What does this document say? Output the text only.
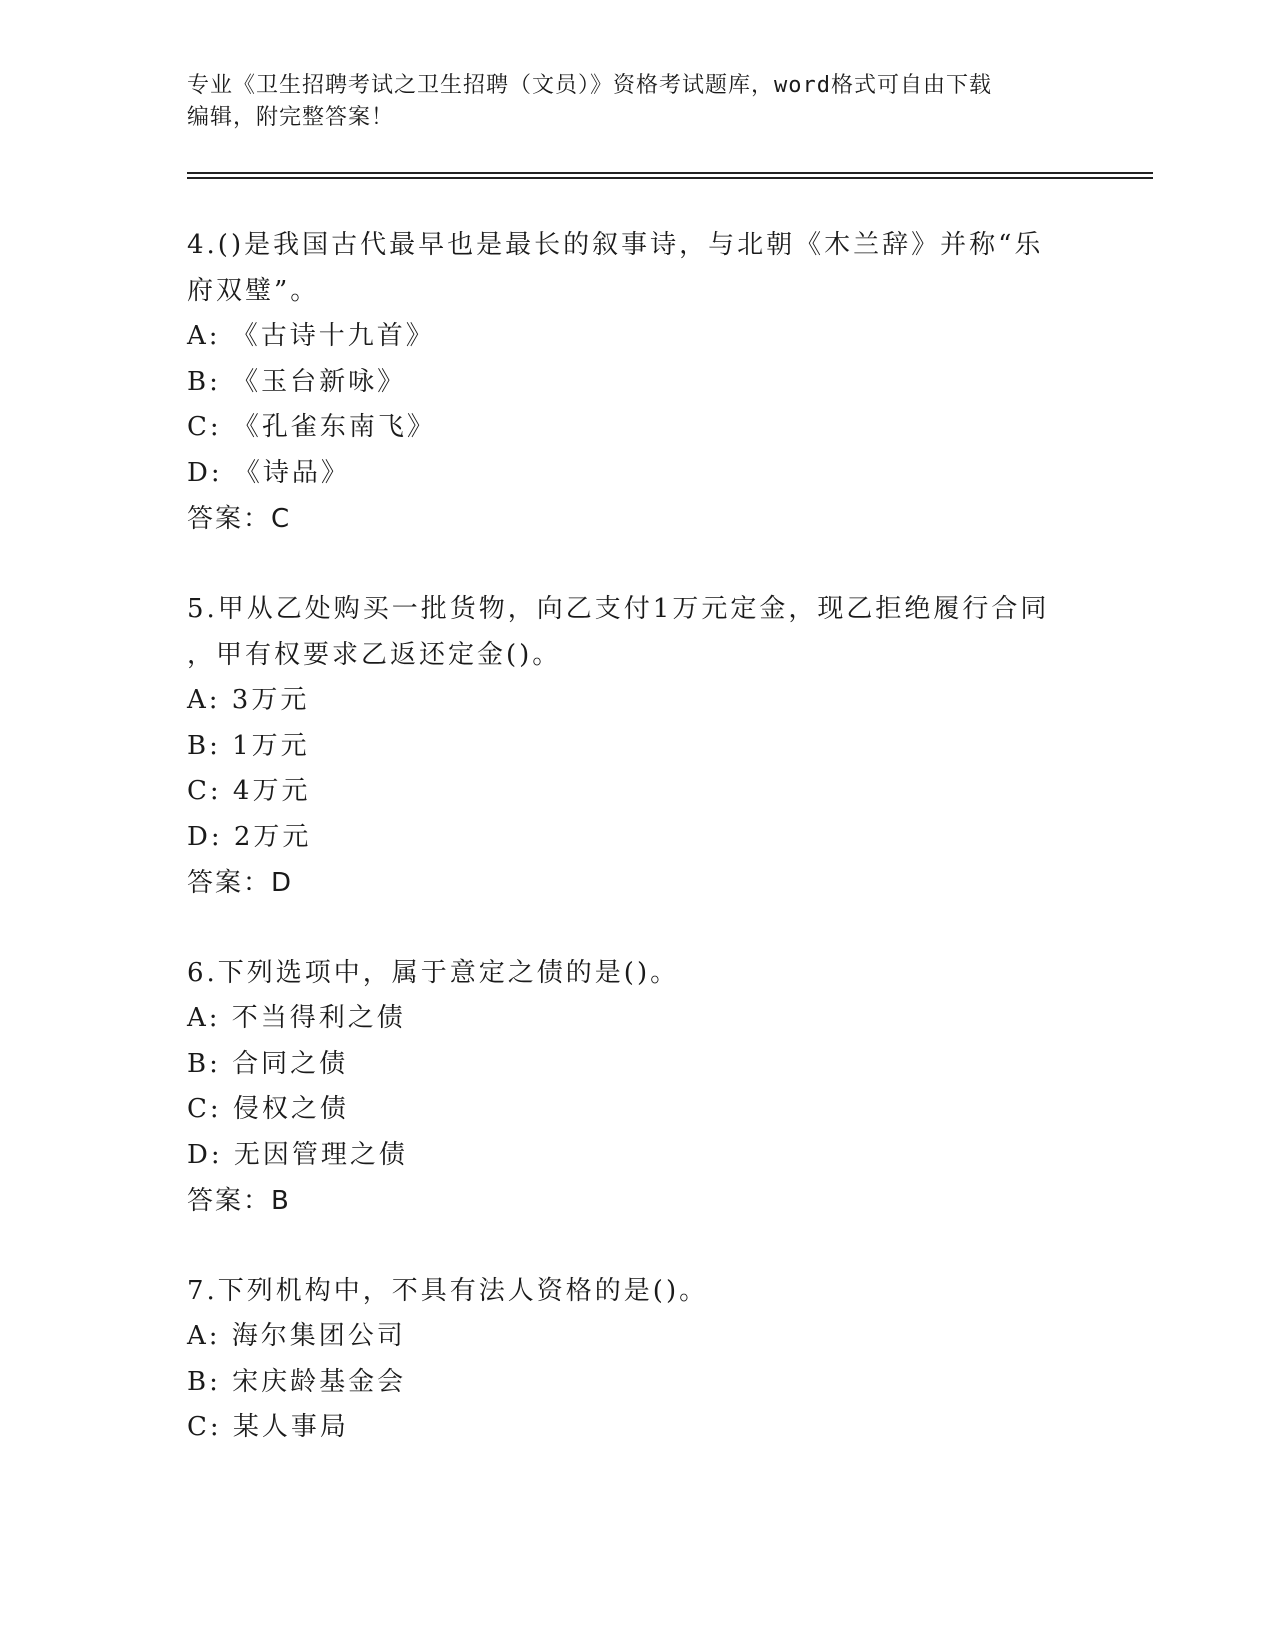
专业《卫生招聘考试之卫生招聘（文员）》资格考试题库，word格式可自由下载

编辑，附完整答案！

4.()是我国古代最早也是最长的叙事诗，与北朝《木兰辞》并称“乐

府双璧”。

A: 《古诗十九首》

B: 《玉台新咏》

C: 《孔雀东南飞》

D: 《诗品》

答案：C

5.甲从乙处购买一批货物，向乙支付1万元定金，现乙拒绝履行合同

，甲有权要求乙返还定金()。

A: 3万元

B: 1万元

C: 4万元

D: 2万元

答案：D

6.下列选项中，属于意定之债的是()。

A: 不当得利之债

B: 合同之债

C: 侵权之债

D: 无因管理之债

答案：B

7.下列机构中，不具有法人资格的是()。

A: 海尔集团公司

B: 宋庆龄基金会

C: 某人事局
